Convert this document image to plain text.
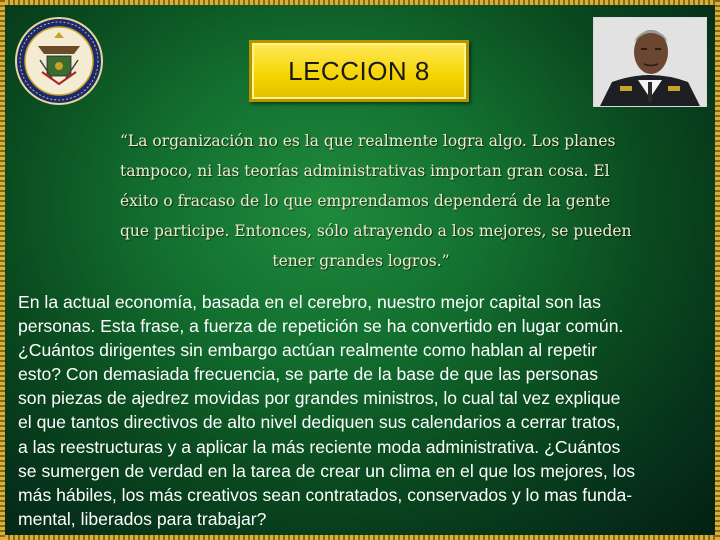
LECCION 8
“La organización no es la que realmente logra algo. Los planes
tampoco, ni las teorías administrativas importan gran cosa. El
éxito o fracaso de lo que emprendamos dependerá de la gente
que participe. Entonces, sólo atrayendo a los mejores, se pueden
tener grandes logros.”
En la actual economía, basada en el cerebro, nuestro mejor capital son las
personas. Esta frase, a fuerza de repetición se ha convertido en lugar común.
¿Cuántos dirigentes sin embargo actúan realmente como hablan al repetir
esto? Con demasiada frecuencia, se parte de la base de que las personas
son piezas de ajedrez movidas por grandes ministros, lo cual tal vez explique
el que tantos directivos de alto nivel dediquen sus calendarios a cerrar tratos,
a las reestructuras y a aplicar la más reciente moda administrativa. ¿Cuántos
se sumergen de verdad en la tarea de crear un clima en el que los mejores, los
más hábiles, los más creativos sean contratados, conservados y lo mas funda-
mental, liberados para trabajar?
